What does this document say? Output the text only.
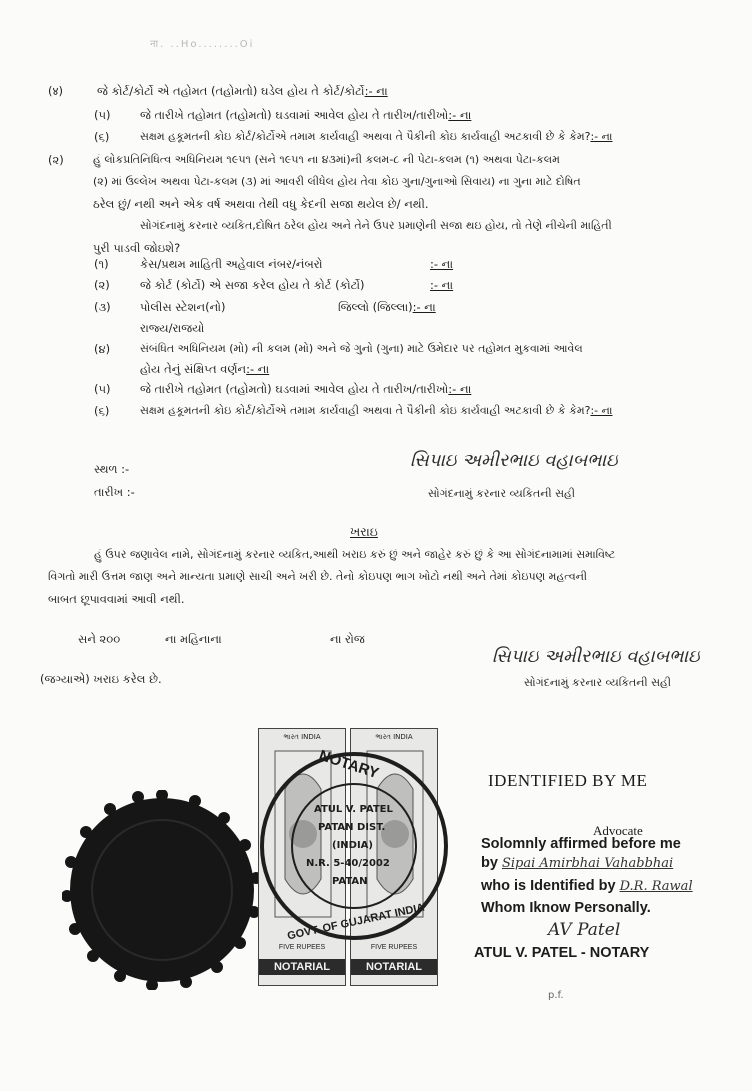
ना. ..Ho........Oi
(४)	જે કોર્ટ/કોર્ટો એ તહોમત (તહોમતો) ઘડેલ હોય તે કોર્ટ/કોર્ટો:- ના
(૫)	જે તારીખે તહોમત (તહોમતો) ઘડવામાં આવેલ હોય તે તારીખ/તારીખો:- ના
(૬)	સક્ષમ હકૂમતની કોઇ કોર્ટ/કોર્ટોએ તમામ કાર્યવાહી અથવા તે પૈકીની કોઇ કાર્યવાહી અટકાવી છે કે કેમ?:- ના
(૨)	હું લોકપ્રતિનિધિત્વ અધિનિયમ ૧૯૫૧ (સને ૧૯૫૧ ના ૪૩માં)ની કલમ-૮ ની પેટા-કલમ (૧) અથવા પેટા-કલમ
(૨) માં ઉલ્લેખ અથવા પેટા-કલમ (૩) માં આવરી લીધેલ હોય તેવા કોઇ ગુના/ગુનાઓ સિવાય) ના ગુના માટે દોષિત
ઠરેલ છું/ નથી અને એક વર્ષ અથવા તેથી વધુ કેદની સજા થયેલ છે/ નથી.
સોગંદનામું કરનાર વ્યકિત,દોષિત ઠરેલ હોય અને તેને ઉપર પ્રમાણેની સજા થઇ હોય, તો તેણે નીચેની માહિતી
પુરી પાડવી જોઇશે?
(૧)	કેસ/પ્રથમ માહિતી અહેવાલ નંબર/નંબરો	:- ના
(૨)	જે કોર્ટ (કોર્ટો) એ સજા કરેલ હોય તે કોર્ટ (કોર્ટો)	:- ના
(૩)	પોલીસ સ્ટેશન(નો)	જિલ્લો (જિલ્લા):- ના
રાજ્ય/રાજયો
(૪)	સંબંધિત અધિનિયમ (મો) ની કલમ (મો) અને જે ગુનો (ગુના) માટે ઉમેદાર પર તહોમત મુકવામાં આવેલ
હોય તેનું સંક્ષિપ્ત વર્ણન:- ના
(૫)	જે તારીખે તહોમત (તહોમતો) ઘડવામાં આવેલ હોય તે તારીખ/તારીખો:- ના
(૬)	સક્ષમ હકૂમતની કોઇ કોર્ટ/કોર્ટોએ તમામ કાર્યવાહી અથવા તે પૈકીની કોઇ કાર્યવાહી અટકાવી છે કે કેમ?:- ના
સ્થળ :-
તારીખ :-
સિપાઇ અમીરભાઇ વહાબભાઇ
સોગંદનામું કરનાર વ્યકિતની સહી
ખરાઇ
હું ઉપર જણાવેલ નામે, સોગંદનામું કરનાર વ્યકિત,આથી ખરાઇ કરું છું અને જાહેર કરું છું કે આ સોગંદનામામાં સમાવિષ્ટ
વિગતો મારી ઉત્તમ જાણ અને માન્યતા પ્રમાણે સાચી અને ખરી છે. તેનો કોઇપણ ભાગ ખોટો નથી અને તેમાં કોઇપણ મહત્વની
બાબત છૂપાવવામાં આવી નથી.
સને ૨૦૦	ના મહિનાના	ના રોજ
(જગ્યાએ) ખરાઇ કરેલ છે.
સિપાઇ અમીરભાઇ વહાબભાઇ
સોગંદનામું કરનાર વ્યકિતની સહી
ભારત INDIA
FIVE RUPEES
NOTARIAL
ભારત INDIA
FIVE RUPEES
NOTARIAL
NOTARY
GOVT. OF GUJARAT INDIA
ATUL V. PATEL
PATAN DIST.
(INDIA)
N.R. 5-40/2002
PATAN
IDENTIFIED BY ME
Advocate
Solomnly affirmed before me
by Sipai Amirbhai Vahabbhai
who is Identified by D.R. Rawal
Whom Iknow Personally.
AV Patel
ATUL V. PATEL - NOTARY
p.f.
